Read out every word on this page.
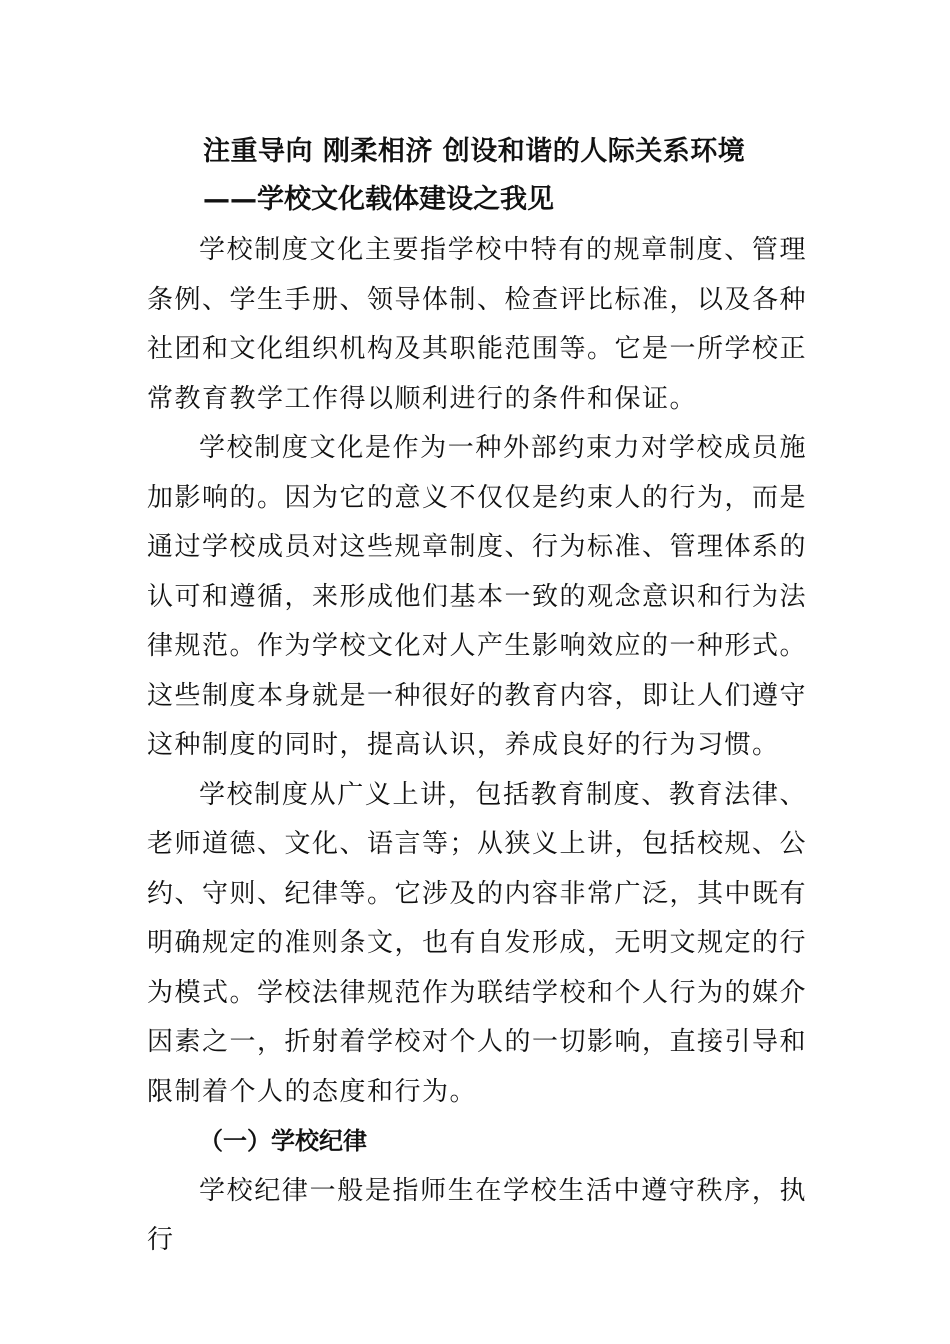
注重导向 刚柔相济 创设和谐的人际关系环境
——学校文化载体建设之我见

学校制度文化主要指学校中特有的规章制度、管理条例、学生手册、领导体制、检查评比标准，以及各种社团和文化组织机构及其职能范围等。它是一所学校正常教育教学工作得以顺利进行的条件和保证。

学校制度文化是作为一种外部约束力对学校成员施加影响的。因为它的意义不仅仅是约束人的行为，而是通过学校成员对这些规章制度、行为标准、管理体系的认可和遵循，来形成他们基本一致的观念意识和行为法律规范。作为学校文化对人产生影响效应的一种形式。这些制度本身就是一种很好的教育内容，即让人们遵守这种制度的同时，提高认识，养成良好的行为习惯。

学校制度从广义上讲，包括教育制度、教育法律、老师道德、文化、语言等；从狭义上讲，包括校规、公约、守则、纪律等。它涉及的内容非常广泛，其中既有明确规定的准则条文，也有自发形成，无明文规定的行为模式。学校法律规范作为联结学校和个人行为的媒介因素之一，折射着学校对个人的一切影响，直接引导和限制着个人的态度和行为。

（一）学校纪律

学校纪律一般是指师生在学校生活中遵守秩序，执行
